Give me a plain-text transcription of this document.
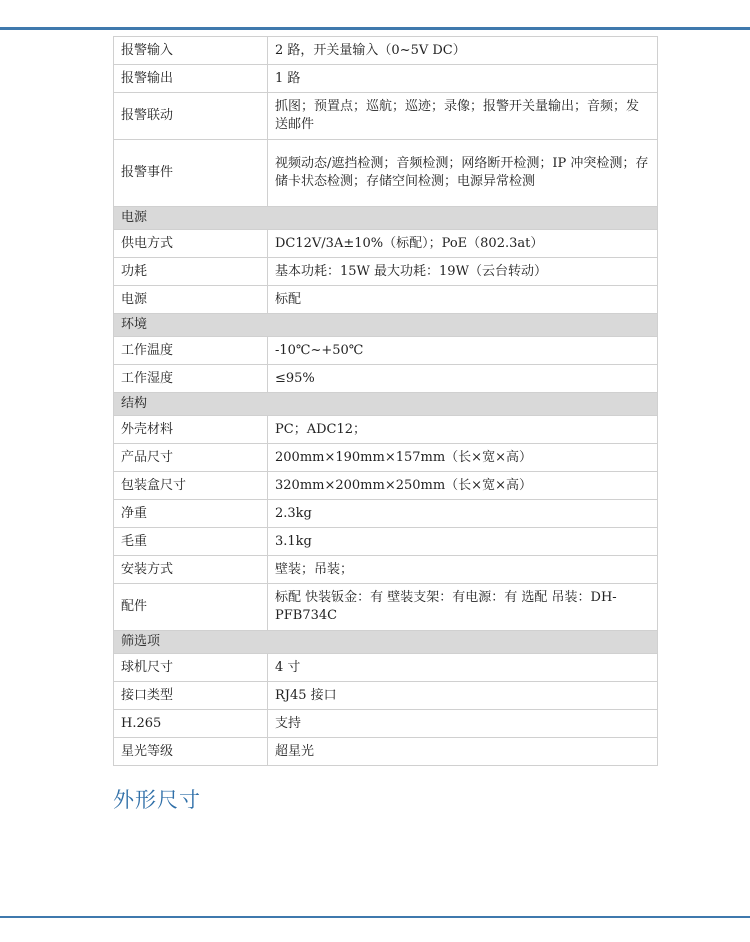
报警输入	2 路，开关量输入（0~5V DC）
报警输出	1 路
报警联动	抓图；预置点；巡航；巡迹；录像；报警开关量输出；音频；发送邮件
报警事件	视频动态/遮挡检测；音频检测；网络断开检测；IP 冲突检测；存储卡状态检测；存储空间检测；电源异常检测
电源	
供电方式	DC12V/3A±10%（标配）；PoE（802.3at）
功耗	基本功耗：15W 最大功耗：19W（云台转动）
电源	标配
环境	
工作温度	-10℃~+50℃
工作湿度	≤95%
结构	
外壳材料	PC；ADC12；
产品尺寸	200mm×190mm×157mm（长×宽×高）
包装盒尺寸	320mm×200mm×250mm（长×宽×高）
净重	2.3kg
毛重	3.1kg
安装方式	壁装；吊装；
配件	标配 快装钣金：有 壁装支架：有电源：有 选配 吊装：DH-PFB734C
筛选项	
球机尺寸	4 寸
接口类型	RJ45 接口
H.265	支持
星光等级	超星光
外形尺寸
